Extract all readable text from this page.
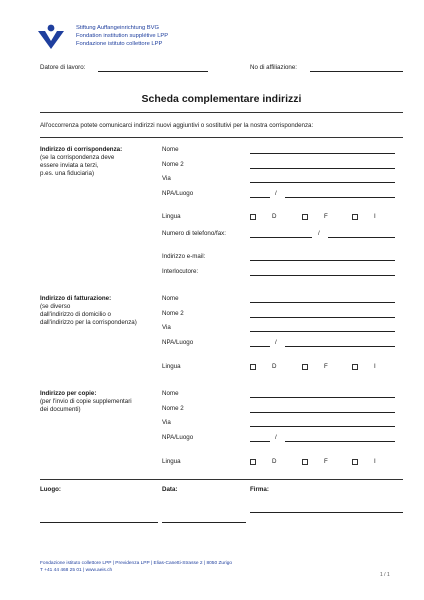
Stiftung Auffangeinrichtung BVG
Fondation institution supplétive LPP
Fondazione istituto collettore LPP
Datore di lavoro:	No di affiliazione:
Scheda complementare indirizzi
All'occorrenza potete comunicarci indirizzi nuovi aggiuntivi o sostitutivi per la nostra corrispondenza:
Indirizzo di corrispondenza:
(se la corrispondenza deve
essere inviata a terzi,
p.es. una fiduciaria)
Nome
Nome 2
Via
NPA/Luogo	/
Lingua	D	F	I
Numero di telefono/fax:	/
Indirizzo e-mail:
Interlocutore:
Indirizzo di fatturazione:
(se diverso
dall'indirizzo di domicilio o
dall'indirizzo per la corrispondenza)
Nome
Nome 2
Via
NPA/Luogo	/
Lingua	D	F	I
Indirizzo per copie:
(per l'invio di copie supplementari
dei documenti)
Nome
Nome 2
Via
NPA/Luogo	/
Lingua	D	F	I
Luogo:	Data:	Firma:
Fondazione istituto collettore LPP | Previdenza LPP | Elias-Canetti-Strasse 2 | 8050 Zurigo
T +41 44 468 25 01 | www.aeis.ch
1 / 1
